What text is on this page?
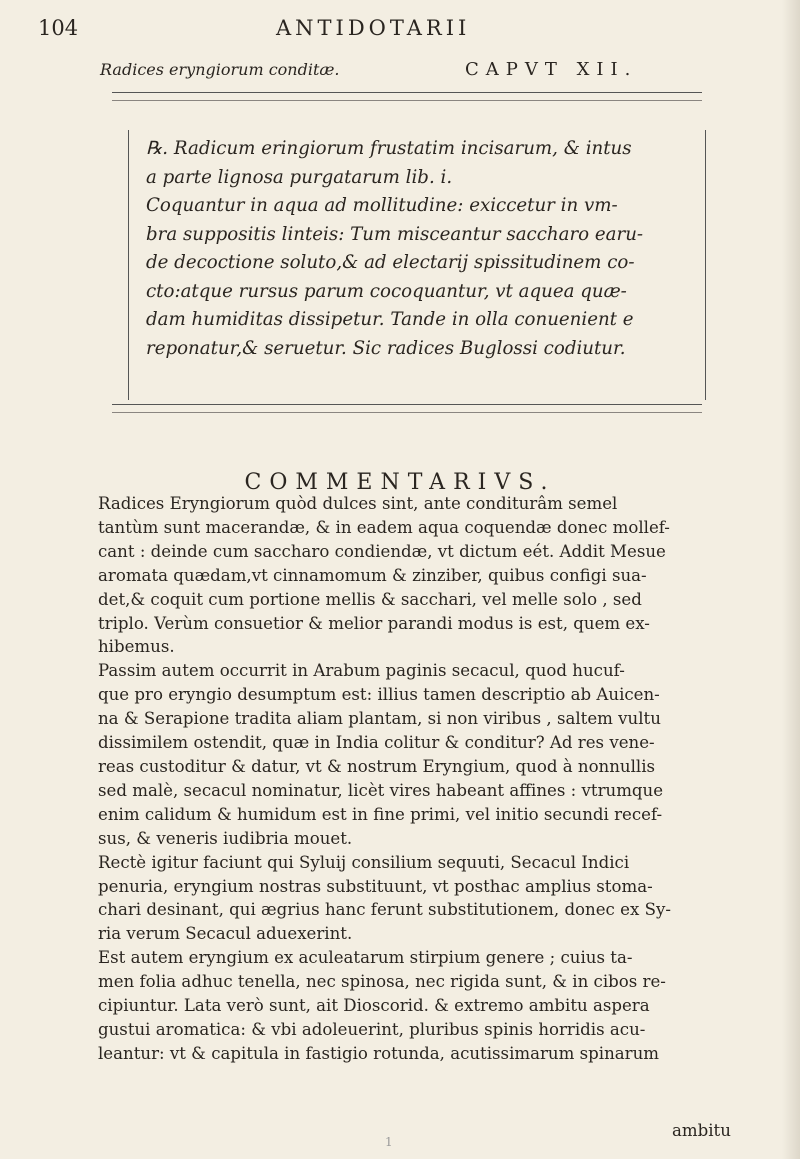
104	ANTIDOTARII
Radices eryngiorum conditæ.	CAPVT XII.
℞. Radicum eringiorum frustatim incisarum, & intus
a parte lignosa purgatarum lib. i.
Coquantur in aqua ad mollitudine: exiccetur in vm-
bra suppositis linteis: Tum misceantur saccharo earu-
de decoctione soluto,& ad electarij spissitudinem co-
cto:atque rursus parum cocoquantur, vt aquea quæ-
dam humiditas dissipetur. Tande in olla conuenient e
reponatur,& seruetur. Sic radices Buglossi codiutur.
COMMENTARIVS.
Radices Eryngiorum quòd dulces sint, ante conditurâm semel
tantùm sunt macerandæ, & in eadem aqua coquendæ donec mollef-
cant : deinde cum saccharo condiendæ, vt dictum eét. Addit Mesue
aromata quædam,vt cinnamomum & zinziber, quibus configi sua-
det,& coquit cum portione mellis & sacchari, vel melle solo , sed
triplo. Verùm consuetior & melior parandi modus is est, quem ex-
hibemus.
Passim autem occurrit in Arabum paginis secacul, quod hucuf-
que pro eryngio desumptum est: illius tamen descriptio ab Auicen-
na & Serapione tradita aliam plantam, si non viribus , saltem vultu
dissimilem ostendit, quæ in India colitur & conditur? Ad res vene-
reas custoditur & datur, vt & nostrum Eryngium, quod à nonnullis
sed malè, secacul nominatur, licèt vires habeant affines : vtrumque
enim calidum & humidum est in fine primi, vel initio secundi recef-
sus, & veneris iudibria mouet.
Rectè igitur faciunt qui Syluij consilium sequuti, Secacul Indici
penuria, eryngium nostras substituunt, vt posthac amplius stoma-
chari desinant, qui ægrius hanc ferunt substitutionem, donec ex Sy-
ria verum Secacul aduexerint.
Est autem eryngium ex aculeatarum stirpium genere ; cuius ta-
men folia adhuc tenella, nec spinosa, nec rigida sunt, & in cibos re-
cipiuntur. Lata verò sunt, ait Dioscorid. & extremo ambitu aspera
gustui aromatica: & vbi adoleuerint, pluribus spinis horridis acu-
leantur: vt & capitula in fastigio rotunda, acutissimarum spinarum
ambitu
1
